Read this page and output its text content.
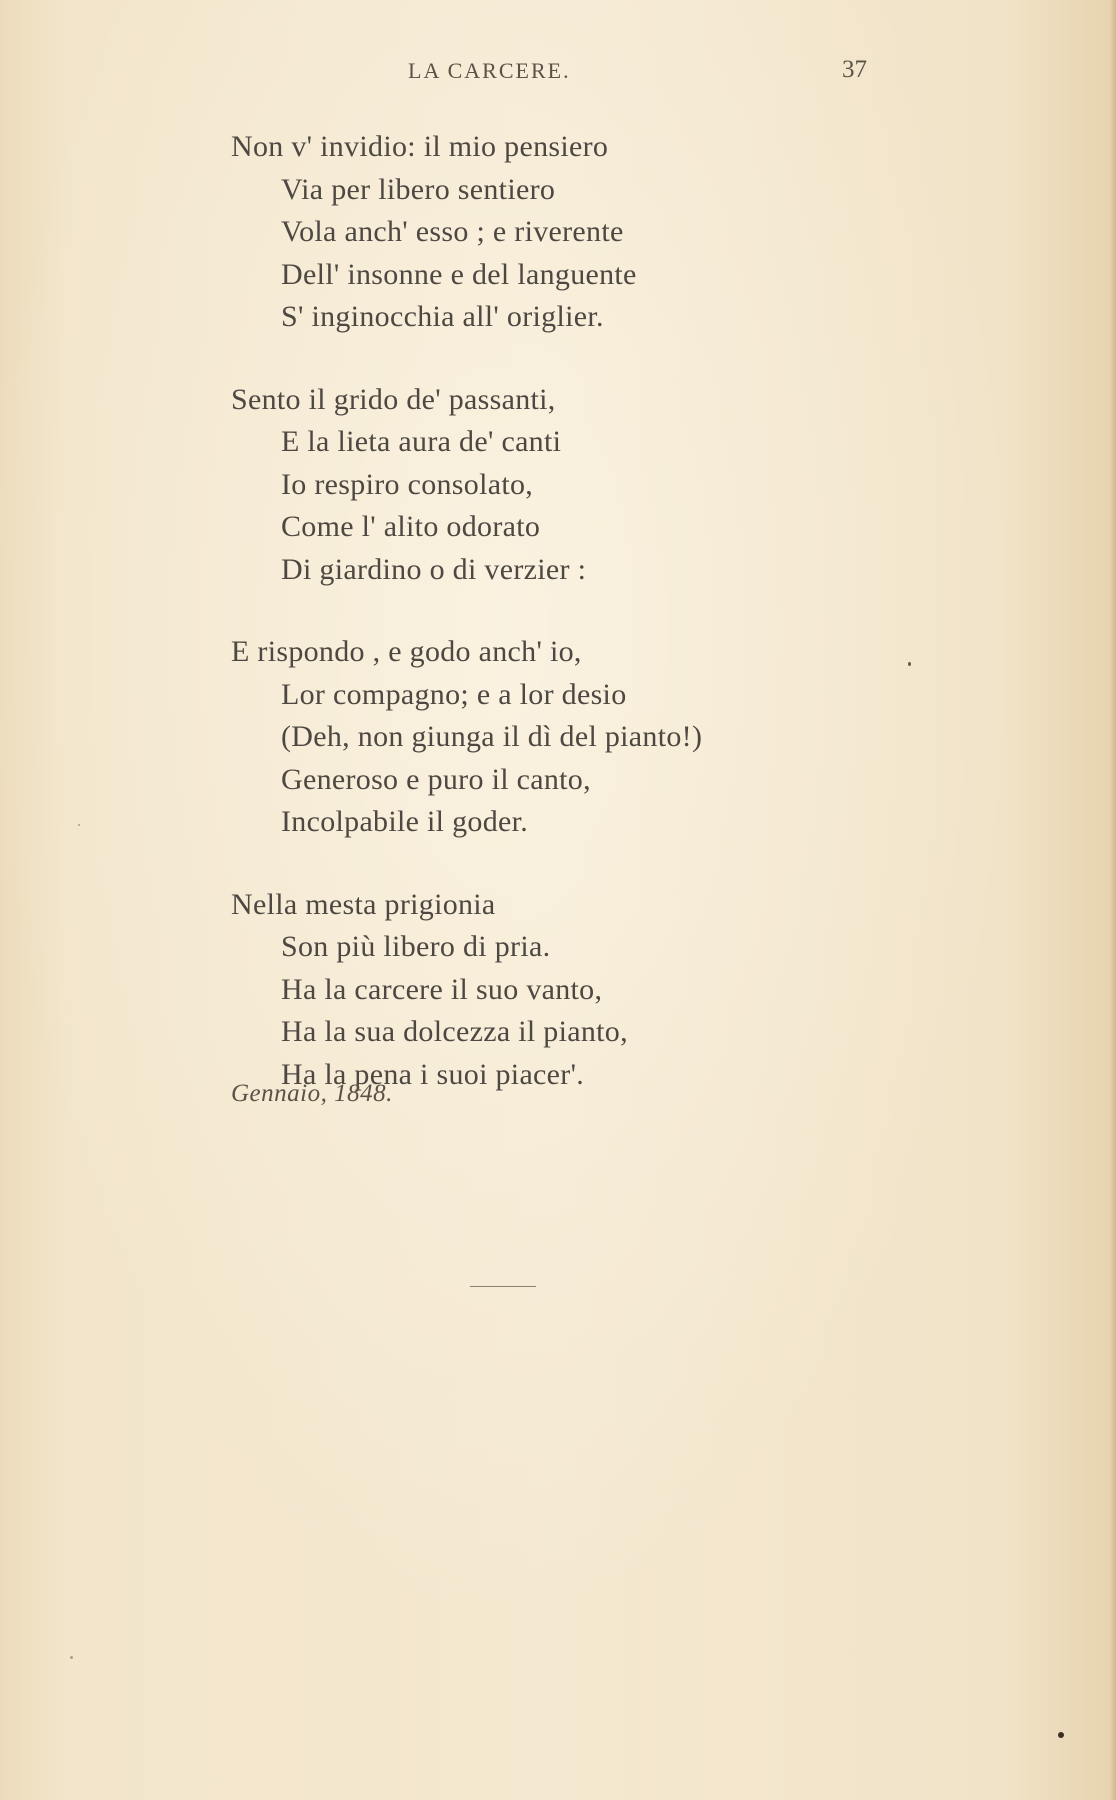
LA CARCERE.	37
Non v' invidio: il mio pensiero
Via per libero sentiero
Vola anch' esso ; e riverente
Dell' insonne e del languente
S' inginocchia all' origlier.
Sento il grido de' passanti,
E la lieta aura de' canti
Io respiro consolato,
Come l' alito odorato
Di giardino o di verzier :
E rispondo , e godo anch' io,
Lor compagno; e a lor desio
(Deh, non giunga il dì del pianto!)
Generoso e puro il canto,
Incolpabile il goder.
Nella mesta prigionia
Son più libero di pria.
Ha la carcere il suo vanto,
Ha la sua dolcezza il pianto,
Ha la pena i suoi piacer'.
Gennaio, 1848.
